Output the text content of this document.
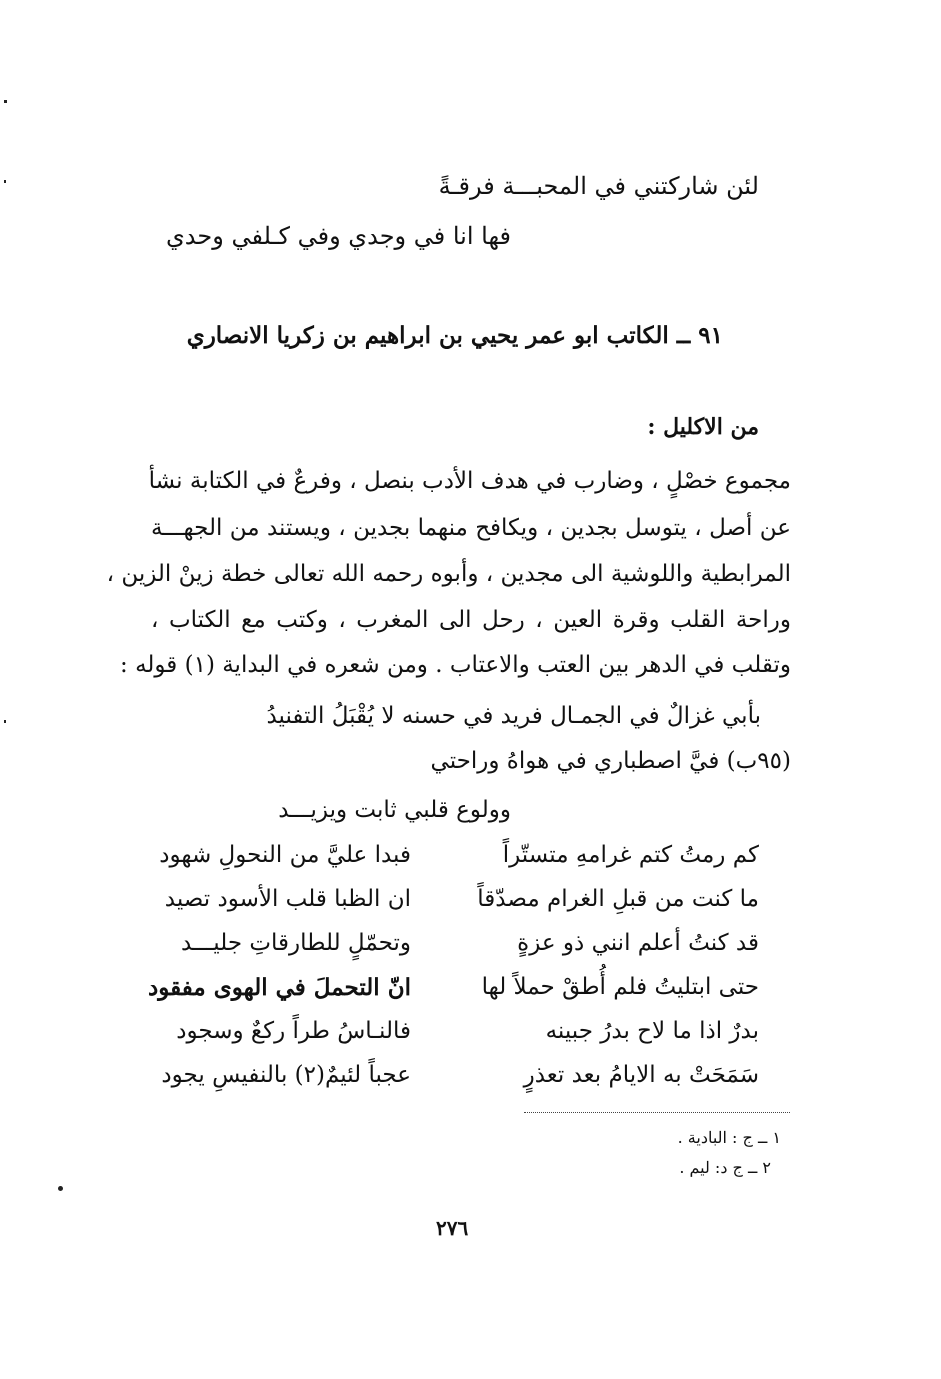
لئن شاركتني في المحبـــة فرقـةً
فها انا في وجدي وفي كـلفي وحدي
٩١ ــ الكاتب ابو عمر يحيي بن ابراهيم بن زكريا الانصاري
من الاكليل :
مجموع خصْلٍ ، وضارب في هدف الأدب بنصل ، وفرعٌ في الكتابة نشأ
عن أصل ، يتوسل بجدين ، ويكافح منهما بجدين ، ويستند من الجهـــة
المرابطية واللوشية الى مجدين ، وأبوه رحمه الله تعالى خطة زينْ الزين ،
وراحة القلب وقرة العين ، رحل الى المغرب ، وكتب مع الكتاب ،
وتقلب في الدهر بين العتب والاعتاب . ومن شعره في البداية (١) قوله :
بأبي غزالٌ في الجمـال فريد في حسنه لا يُقْبَلُ التفنيدُ
(٩٥ب) فيَّ اصطباري في هواهُ وراحتي
وولوع قلبي ثابت ويزيـــد
كم رمتُ كتم غرامهِ متستّراً
فبدا عليَّ من النحولِ شهود
ما كنت من قبلِ الغرام مصدّقاً
ان الظبا قلب الأسود تصيد
قد كنتُ أعلم انني ذو عزةٍ
وتحمّلٍ للطارقاتِ جليـــد
حتى ابتليتُ فلم أُطقْ حملاً لها
انّ التحملَ في الهوى مفقود
بدرٌ اذا ما لاح بدرُ جبينه
فالنـاسُ طراً ركعٌ وسجود
سَمَحَتْ به الايامُ بعد تعذرٍ
عجباً لئيمٌ(٢) بالنفيسِ يجود
١ ــ ج : البادية .
٢ ــ ج د: ليم .
٢٧٦
